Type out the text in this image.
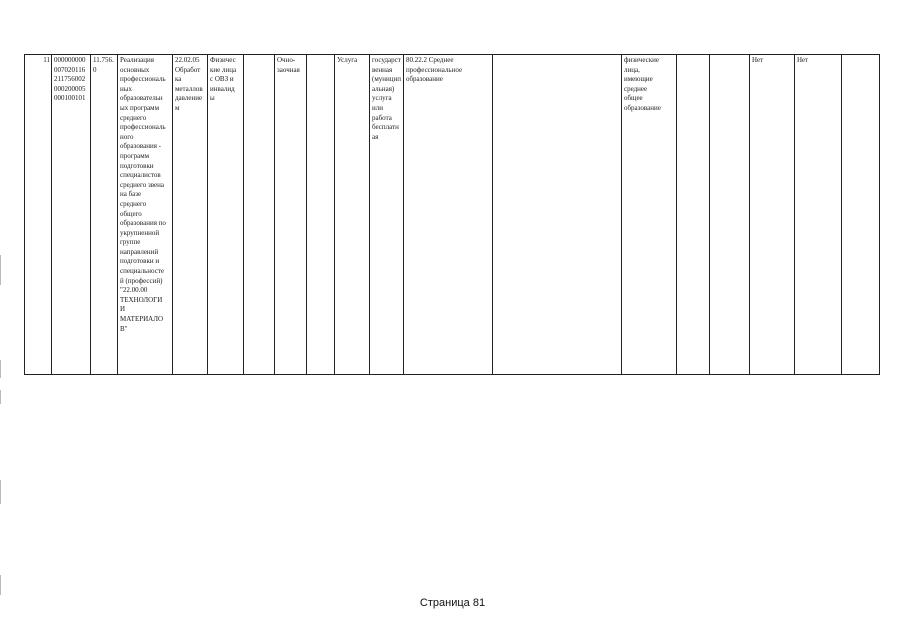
11	000000000
007020116
211756002
000200005
000100101	11.756.
0	Реализация
основных
профессиональ
ных
образовательн
ых программ
среднего
профессиональ
ного
образования -
программ
подготовки
специалистов
среднего звена
на базе
среднего
общего
образования по
укрупненной
группе
направлений
подготовки и
специальносте
й (профессий)
"22.00.00
ТЕХНОЛОГИ
И
МАТЕРИАЛО
В"	22.02.05
Обработ
ка
металлов
давление
м	Физичес
кие лица
с ОВЗ и
инвалид
ы		Очно-
заочная		Услуга	государст
венная
(муницип
альная)
услуга
или
работа
бесплатн
ая	80.22.2 Среднее
профессиональное
образование		физические
лица,
имеющие
среднее
общее
образование			Нет	Нет	
Страница 81
